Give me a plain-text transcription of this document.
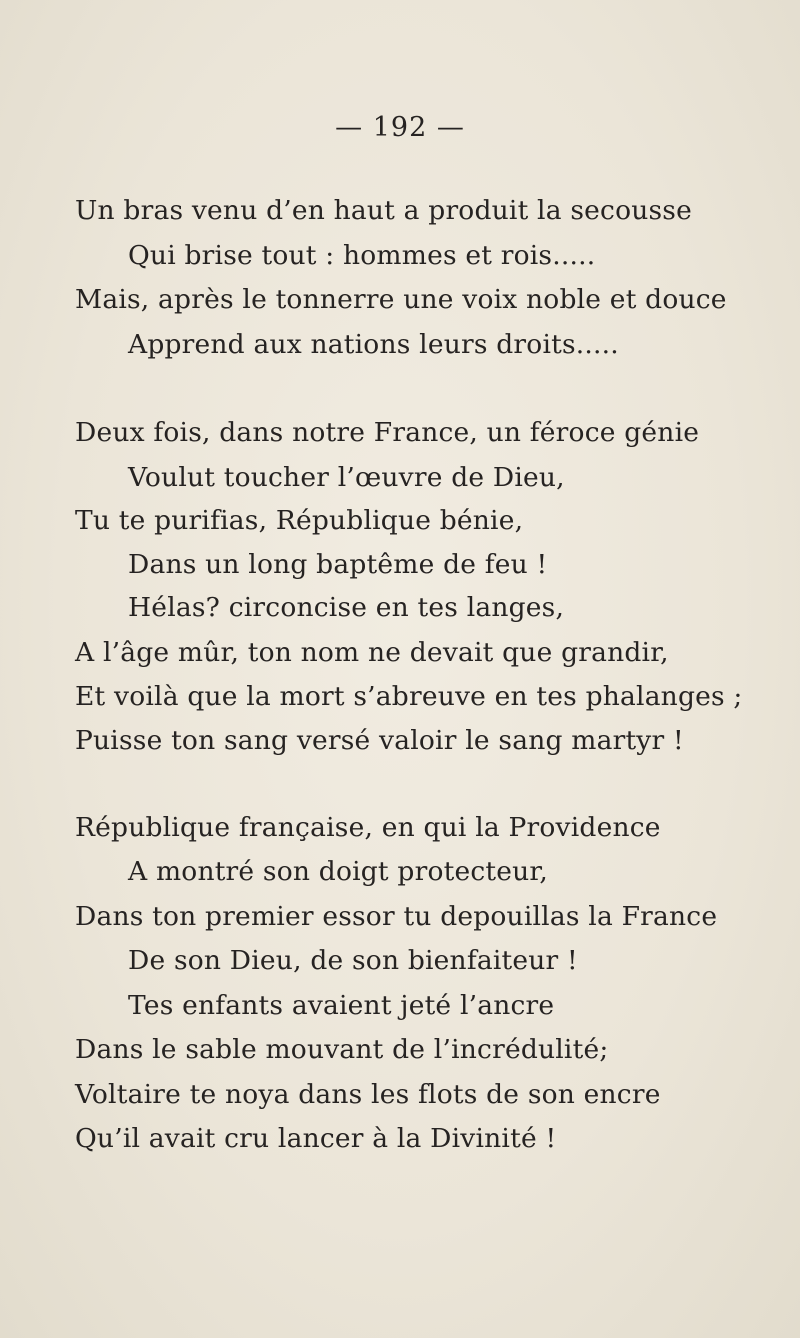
— 192 —
Un bras venu d’en haut a produit la secousse
Qui brise tout : hommes et rois.....
Mais, après le tonnerre une voix noble et douce
Apprend aux nations leurs droits.....
Deux fois, dans notre France, un féroce génie
Voulut toucher l’œuvre de Dieu,
Tu te purifias, République bénie,
Dans un long baptême de feu !
Hélas? circoncise en tes langes,
A l’âge mûr, ton nom ne devait que grandir,
Et voilà que la mort s’abreuve en tes phalanges ;
Puisse ton sang versé valoir le sang martyr !
République française, en qui la Providence
A montré son doigt protecteur,
Dans ton premier essor tu depouillas la France
De son Dieu, de son bienfaiteur !
Tes enfants avaient jeté l’ancre
Dans le sable mouvant de l’incrédulité;
Voltaire te noya dans les flots de son encre
Qu’il avait cru lancer à la Divinité !
